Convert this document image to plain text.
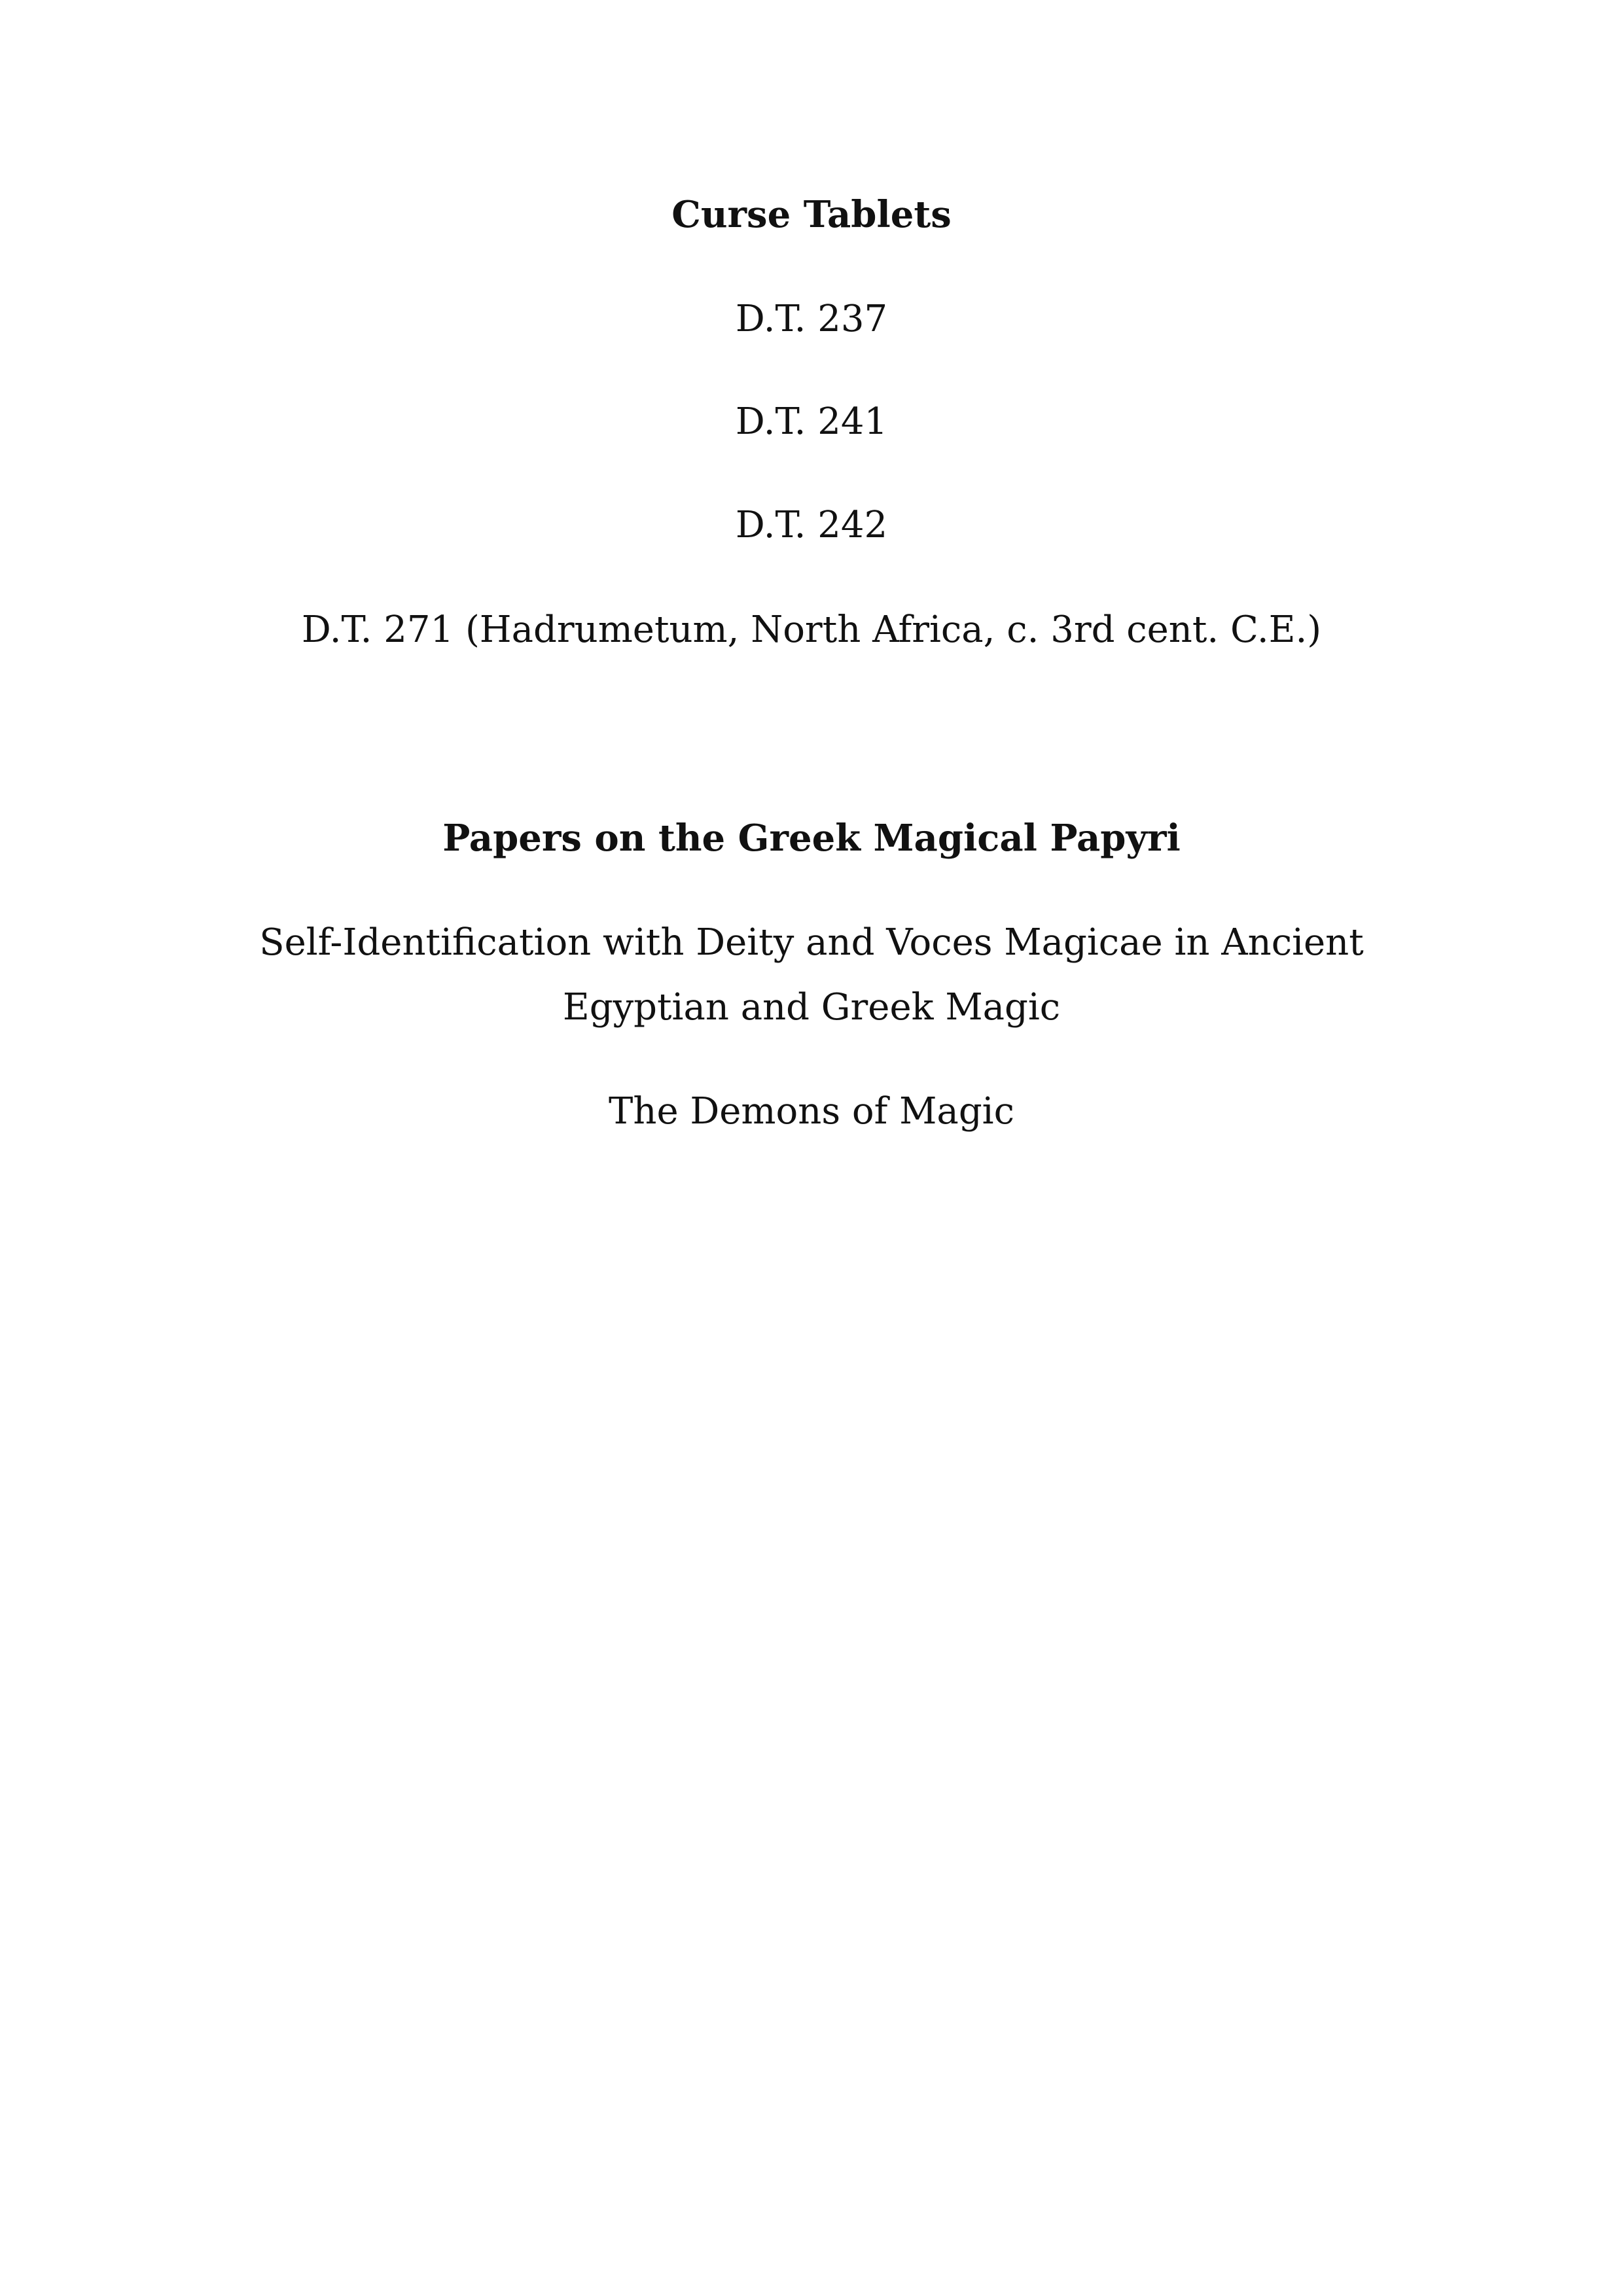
Curse Tablets
D.T. 237
D.T. 241
D.T. 242
D.T. 271 (Hadrumetum, North Africa, c. 3rd cent. C.E.)
Papers on the Greek Magical Papyri
Self-Identification with Deity and Voces Magicae in Ancient
Egyptian and Greek Magic
The Demons of Magic
